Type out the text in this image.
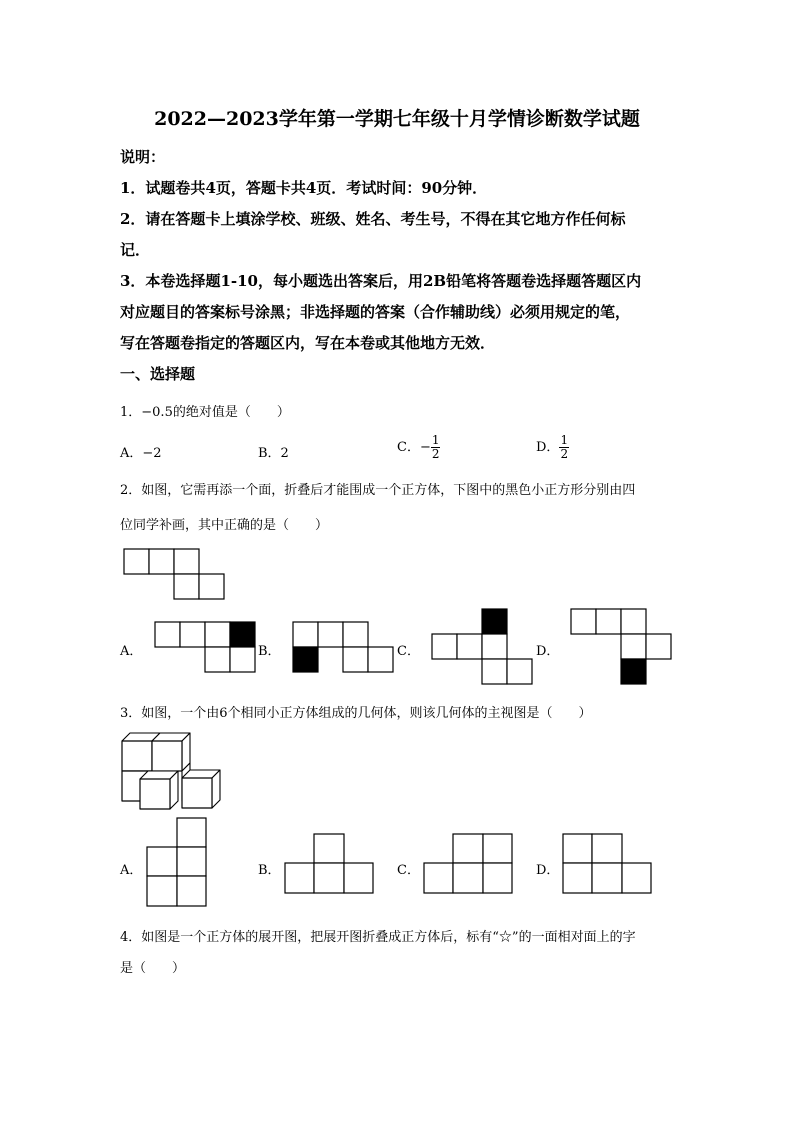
2022—2023学年第一学期七年级十月学情诊断数学试题
说明：
1．试题卷共4页，答题卡共4页．考试时间：90分钟．
2．请在答题卡上填涂学校、班级、姓名、考生号，不得在其它地方作任何标
记．
3．本卷选择题1-10，每小题选出答案后，用2B铅笔将答题卷选择题答题区内
对应题目的答案标号涂黑；非选择题的答案（合作辅助线）必须用规定的笔，
写在答题卷指定的答题区内，写在本卷或其他地方无效．
一、选择题
1．−0.5的绝对值是（　　）
A．−2	B．2	C．− $\frac{1}{2}$	D． $\frac{1}{2}$
2．如图，它需再添一个面，折叠后才能围成一个正方体，下图中的黑色小正方形分别由四
位同学补画，其中正确的是（　　）
A．	B．	C．	D．
3．如图，一个由6个相同小正方体组成的几何体，则该几何体的主视图是（　　）
A．	B．	C．	D．
4．如图是一个正方体的展开图，把展开图折叠成正方体后，标有“☆”的一面相对面上的字
是（　　）
